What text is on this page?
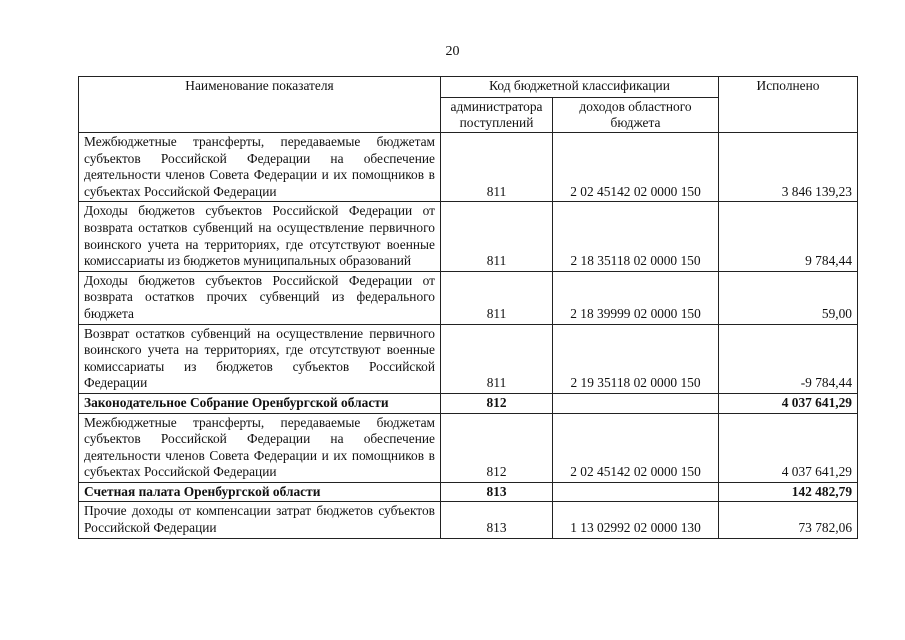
20
Наименование показателя	Код бюджетной классификации		Исполнено
	администратора поступлений	доходов областного бюджета	
Межбюджетные трансферты, передаваемые бюджетам субъектов Российской Федерации на обеспечение деятельности членов Совета Федерации и их помощников в субъектах Российской Федерации	811	2 02 45142 02 0000 150	3 846 139,23
Доходы бюджетов субъектов Российской Федерации от возврата остатков субвенций на осуществление первичного воинского учета на территориях, где отсутствуют военные комиссариаты из бюджетов муниципальных образований	811	2 18 35118 02 0000 150	9 784,44
Доходы бюджетов субъектов Российской Федерации от возврата остатков прочих субвенций из федерального бюджета	811	2 18 39999 02 0000 150	59,00
Возврат остатков субвенций на осуществление первичного воинского учета на территориях, где отсутствуют военные комиссариаты из бюджетов субъектов Российской Федерации	811	2 19 35118 02 0000 150	-9 784,44
Законодательное Собрание Оренбургской области	812		4 037 641,29
Межбюджетные трансферты, передаваемые бюджетам субъектов Российской Федерации на обеспечение деятельности членов Совета Федерации и их помощников в субъектах Российской Федерации	812	2 02 45142 02 0000 150	4 037 641,29
Счетная палата Оренбургской области	813		142 482,79
Прочие доходы от компенсации затрат бюджетов субъектов Российской Федерации	813	1 13 02992 02 0000 130	73 782,06
